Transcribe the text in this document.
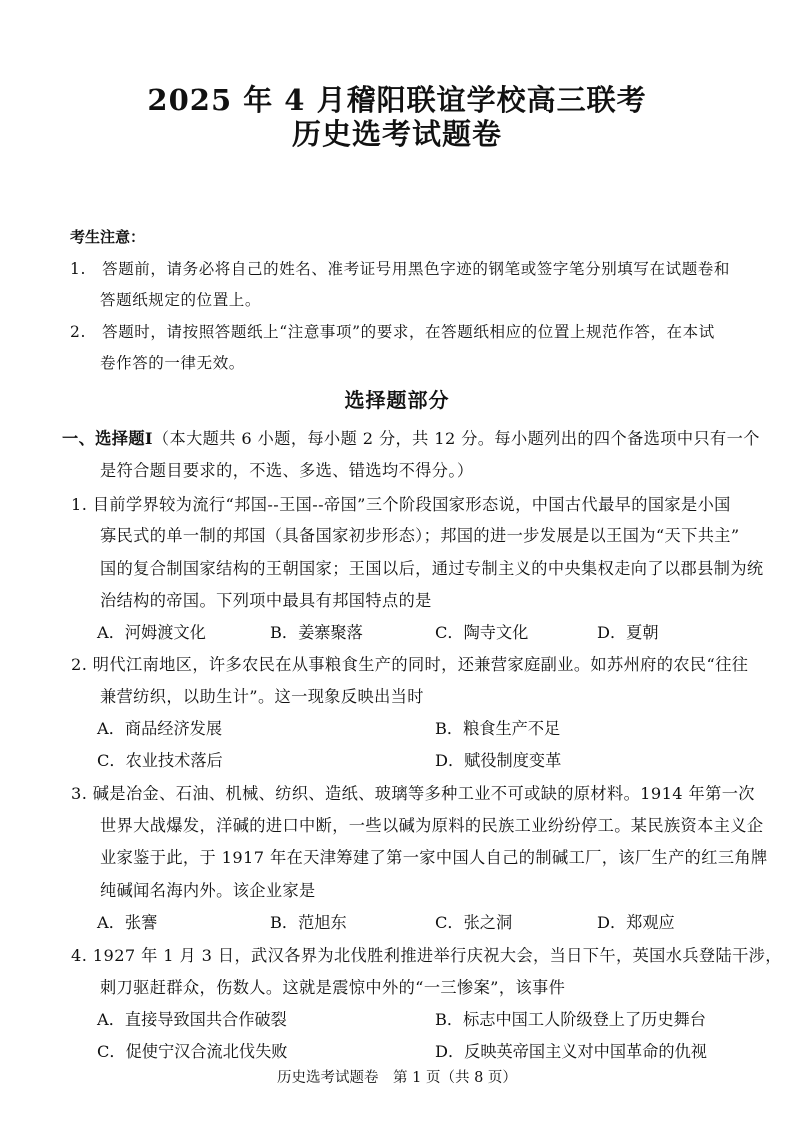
2025 年 4 月稽阳联谊学校高三联考
历史选考试题卷
考生注意：
1.　答题前，请务必将自己的姓名、准考证号用黑色字迹的钢笔或签字笔分别填写在试题卷和
答题纸规定的位置上。
2.　答题时，请按照答题纸上“注意事项”的要求，在答题纸相应的位置上规范作答，在本试
卷作答的一律无效。
选择题部分
一、选择题Ⅰ（本大题共 6 小题，每小题 2 分，共 12 分。每小题列出的四个备选项中只有一个
是符合题目要求的，不选、多选、错选均不得分。）
1. 目前学界较为流行“邦国--王国--帝国”三个阶段国家形态说，中国古代最早的国家是小国
寡民式的单一制的邦国（具备国家初步形态）；邦国的进一步发展是以王国为“天下共主”
国的复合制国家结构的王朝国家；王国以后，通过专制主义的中央集权走向了以郡县制为统
治结构的帝国。下列项中最具有邦国特点的是
A．河姆渡文化	B．姜寨聚落	C．陶寺文化	D．夏朝
2. 明代江南地区，许多农民在从事粮食生产的同时，还兼营家庭副业。如苏州府的农民“往往
兼营纺织，以助生计”。这一现象反映出当时
A．商品经济发展	B．粮食生产不足
C．农业技术落后	D．赋役制度变革
3. 碱是冶金、石油、机械、纺织、造纸、玻璃等多种工业不可或缺的原材料。1914 年第一次
世界大战爆发，洋碱的进口中断，一些以碱为原料的民族工业纷纷停工。某民族资本主义企
业家鉴于此，于 1917 年在天津筹建了第一家中国人自己的制碱工厂，该厂生产的红三角牌
纯碱闻名海内外。该企业家是
A．张謇	B．范旭东	C．张之洞	D．郑观应
4. 1927 年 1 月 3 日，武汉各界为北伐胜利推进举行庆祝大会，当日下午，英国水兵登陆干涉，
刺刀驱赶群众，伤数人。这就是震惊中外的“一三惨案”，该事件
A．直接导致国共合作破裂	B．标志中国工人阶级登上了历史舞台
C．促使宁汉合流北伐失败	D．反映英帝国主义对中国革命的仇视
历史选考试题卷　第 1 页（共 8 页）
